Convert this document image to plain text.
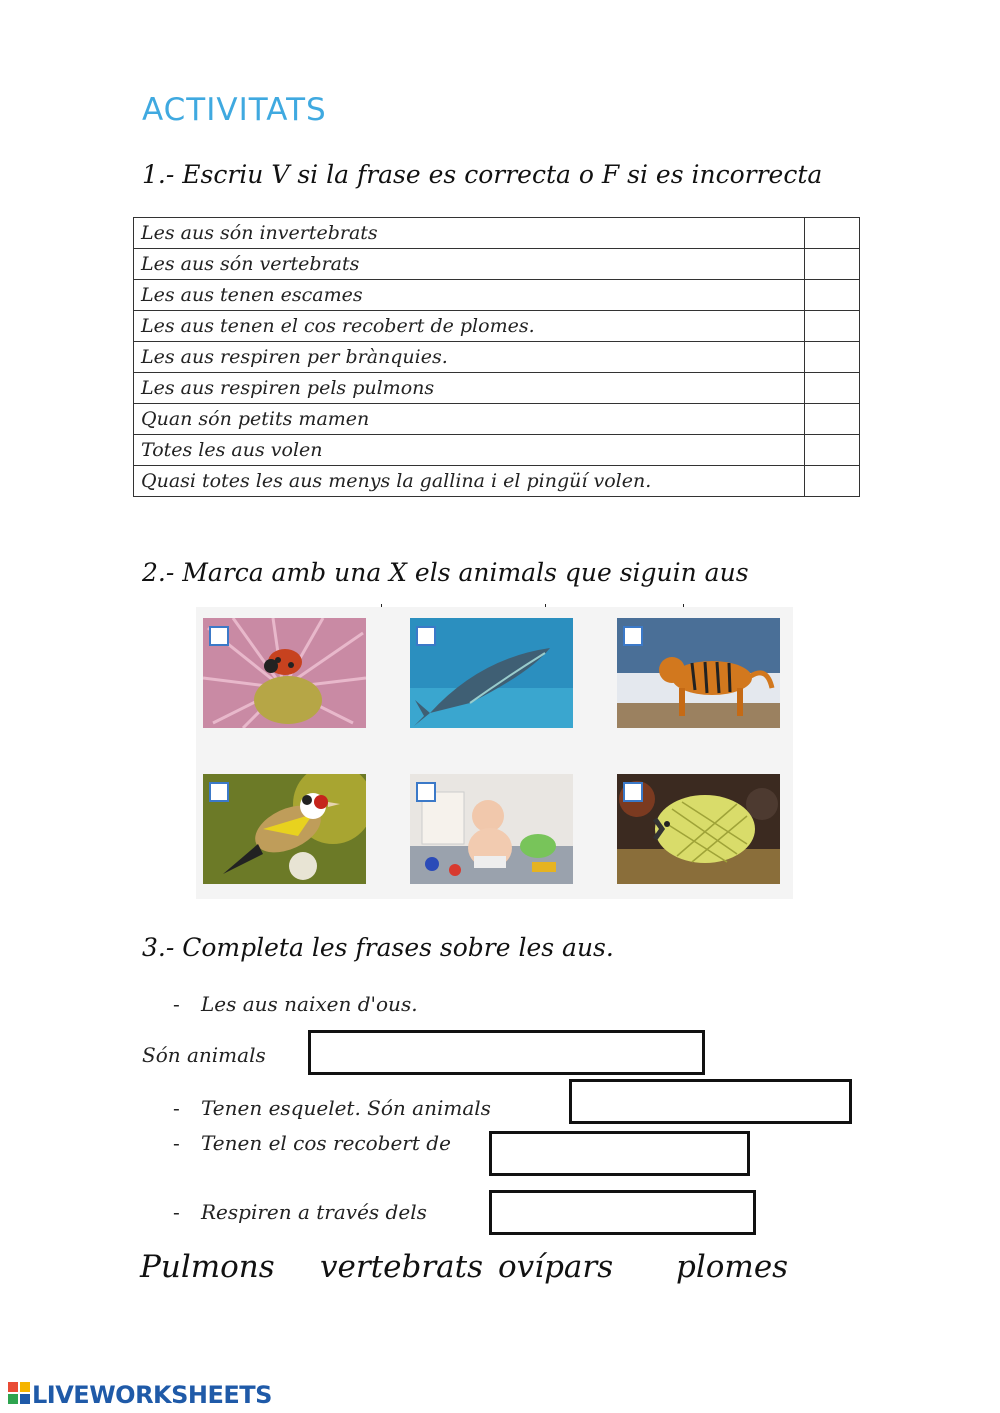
ACTIVITATS
1.- Escriu V si la frase es correcta o F si es incorrecta
Les aus són invertebrats	
Les aus són vertebrats	
Les aus tenen escames	
Les aus tenen el cos recobert de plomes.	
Les aus respiren per brànquies.	
Les aus respiren pels pulmons	
Quan són petits mamen	
Totes les aus volen	
Quasi totes les aus menys la gallina i el pingüí volen.	
2.- Marca amb una X els animals que siguin aus
3.- Completa les frases sobre les aus.
- Les aus naixen d'ous.
Són animals
- Tenen esquelet. Són animals
- Tenen el cos recobert de
- Respiren a través dels
Pulmons vertebrats ovípars plomes
LIVEWORKSHEETS
